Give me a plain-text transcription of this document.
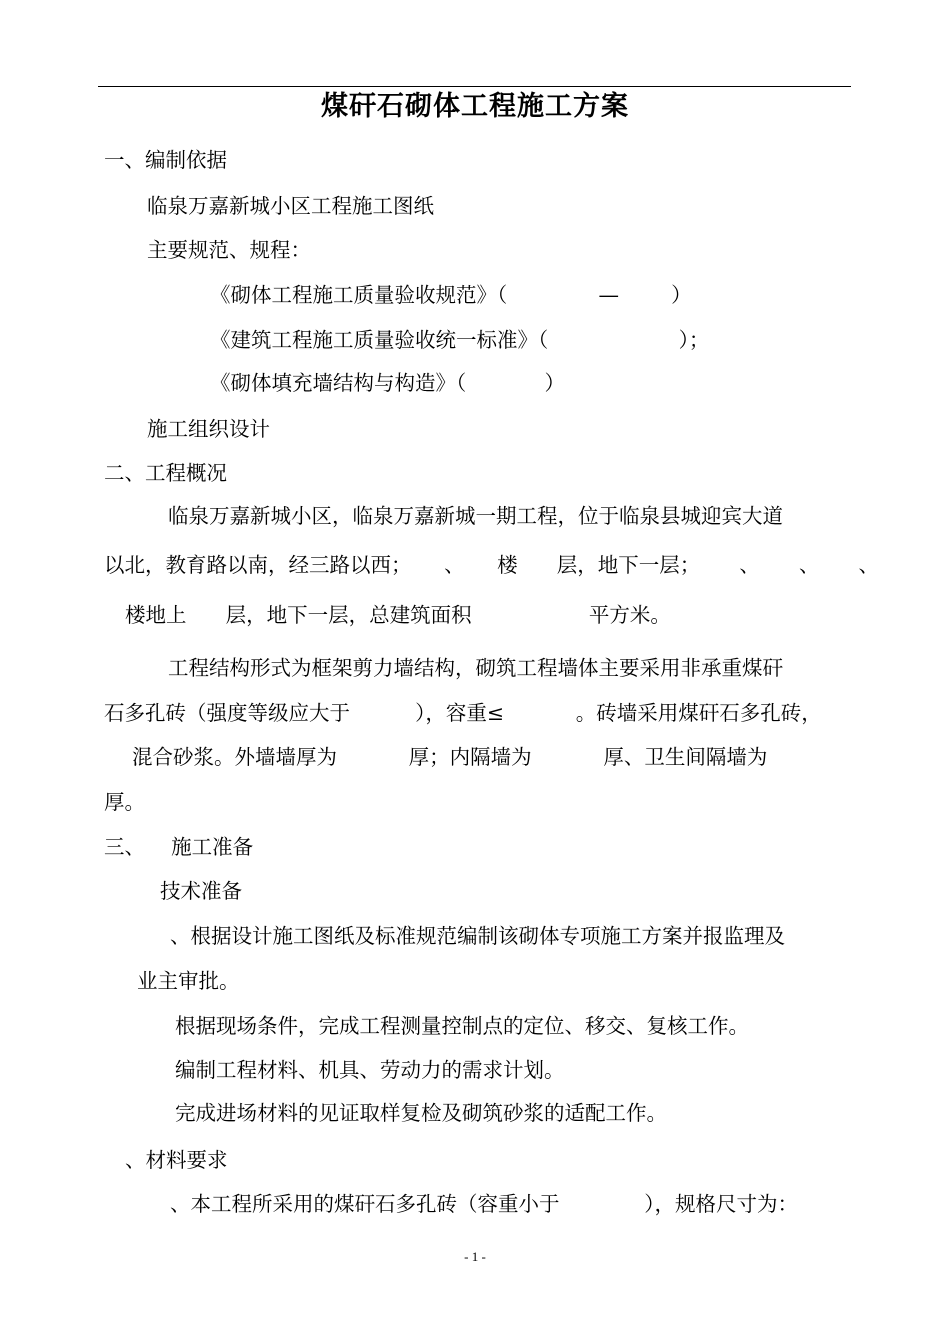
煤矸石砌体工程施工方案
一、编制依据
临泉万嘉新城小区工程施工图纸
主要规范、规程：
《砌体工程施工质量验收规范》（              —        ）
《建筑工程施工质量验收统一标准》（                    ）；
《砌体填充墙结构与构造》（            ）
施工组织设计
二、工程概况
临泉万嘉新城小区，临泉万嘉新城一期工程，位于临泉县城迎宾大道
以北，教育路以南，经三路以西；     、     楼      层，地下一层；      、      、      、
楼地上      层，地下一层，总建筑面积                  平方米。
工程结构形式为框架剪力墙结构，砌筑工程墙体主要采用非承重煤矸
石多孔砖（强度等级应大于          ），容重≤           。砖墙采用煤矸石多孔砖，
混合砂浆。外墙墙厚为           厚；内隔墙为           厚、卫生间隔墙为
厚。
三、    施工准备
技术准备
、根据设计施工图纸及标准规范编制该砌体专项施工方案并报监理及
业主审批。
根据现场条件，完成工程测量控制点的定位、移交、复核工作。
编制工程材料、机具、劳动力的需求计划。
完成进场材料的见证取样复检及砌筑砂浆的适配工作。
、材料要求
、本工程所采用的煤矸石多孔砖（容重小于             ），规格尺寸为：
- 1 -
